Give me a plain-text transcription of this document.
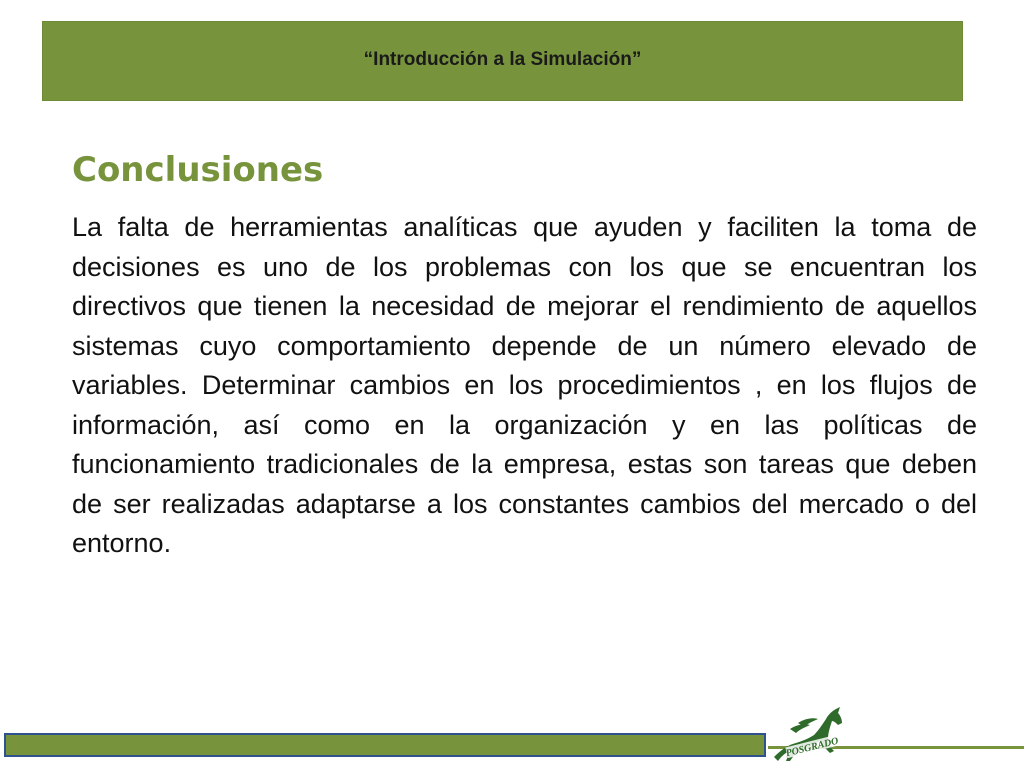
“Introducción a la Simulación”
Conclusiones

La falta de herramientas analíticas que ayuden y faciliten la toma de decisiones es uno de los problemas con los que se encuentran los directivos que tienen la necesidad de mejorar el rendimiento de aquellos sistemas cuyo comportamiento depende de un número elevado de variables. Determinar cambios en los procedimientos , en los flujos de información, así como en la organización y en las políticas de funcionamiento tradicionales de la empresa, estas son tareas que deben de ser realizadas adaptarse a los constantes cambios del mercado o del entorno.

POSGRADO
